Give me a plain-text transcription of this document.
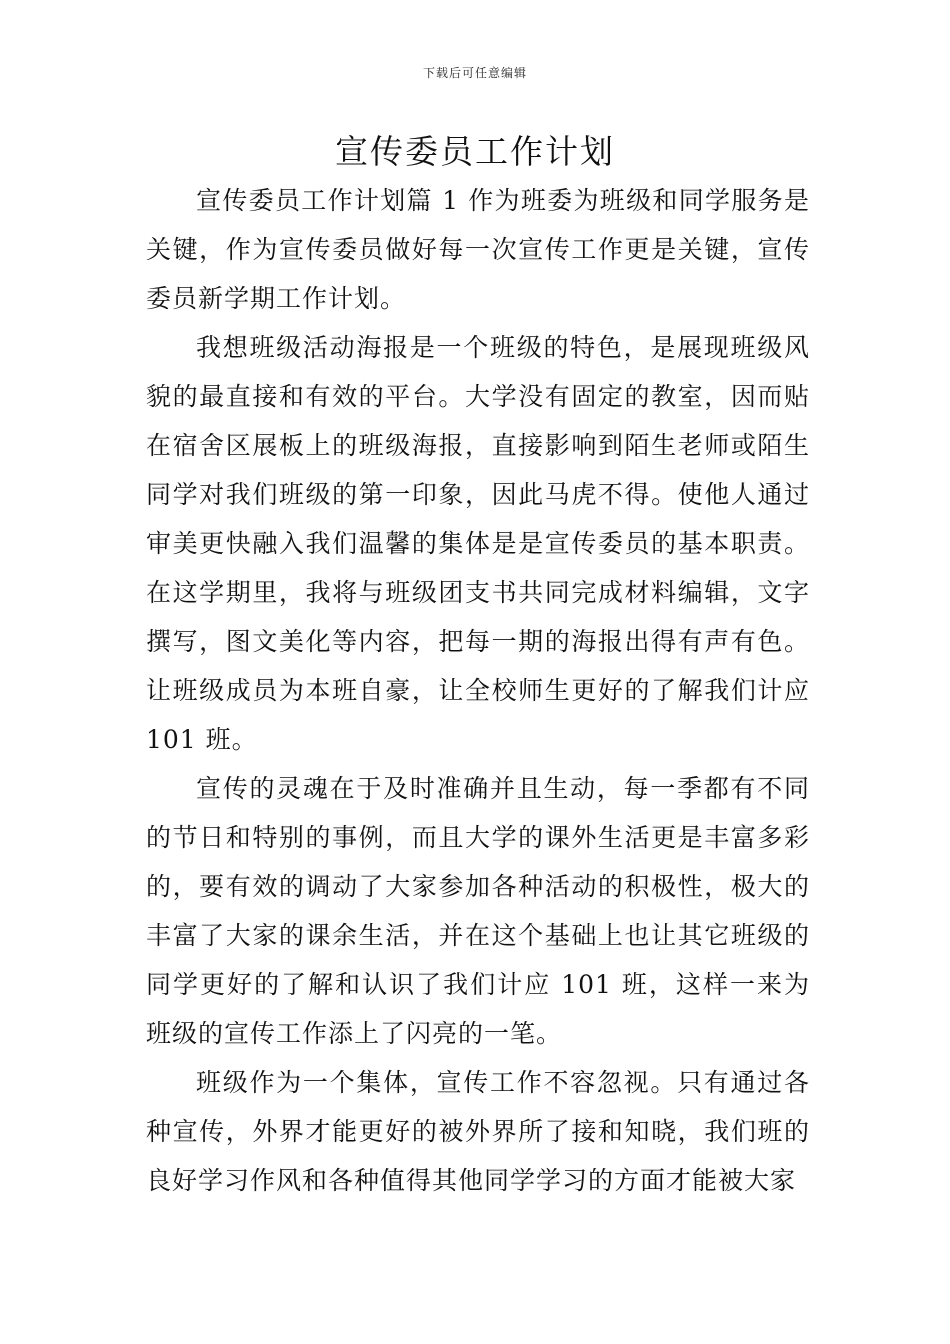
下载后可任意编辑
宣传委员工作计划

宣传委员工作计划篇 1 作为班委为班级和同学服务是关键，作为宣传委员做好每一次宣传工作更是关键，宣传委员新学期工作计划。

我想班级活动海报是一个班级的特色，是展现班级风貌的最直接和有效的平台。大学没有固定的教室，因而贴在宿舍区展板上的班级海报，直接影响到陌生老师或陌生同学对我们班级的第一印象，因此马虎不得。使他人通过审美更快融入我们温馨的集体是是宣传委员的基本职责。在这学期里，我将与班级团支书共同完成材料编辑，文字撰写，图文美化等内容，把每一期的海报出得有声有色。让班级成员为本班自豪，让全校师生更好的了解我们计应 101 班。

宣传的灵魂在于及时准确并且生动，每一季都有不同的节日和特别的事例，而且大学的课外生活更是丰富多彩的，要有效的调动了大家参加各种活动的积极性，极大的丰富了大家的课余生活，并在这个基础上也让其它班级的同学更好的了解和认识了我们计应 101 班，这样一来为班级的宣传工作添上了闪亮的一笔。

班级作为一个集体，宣传工作不容忽视。只有通过各种宣传，外界才能更好的被外界所了接和知晓，我们班的良好学习作风和各种值得其他同学学习的方面才能被大家
